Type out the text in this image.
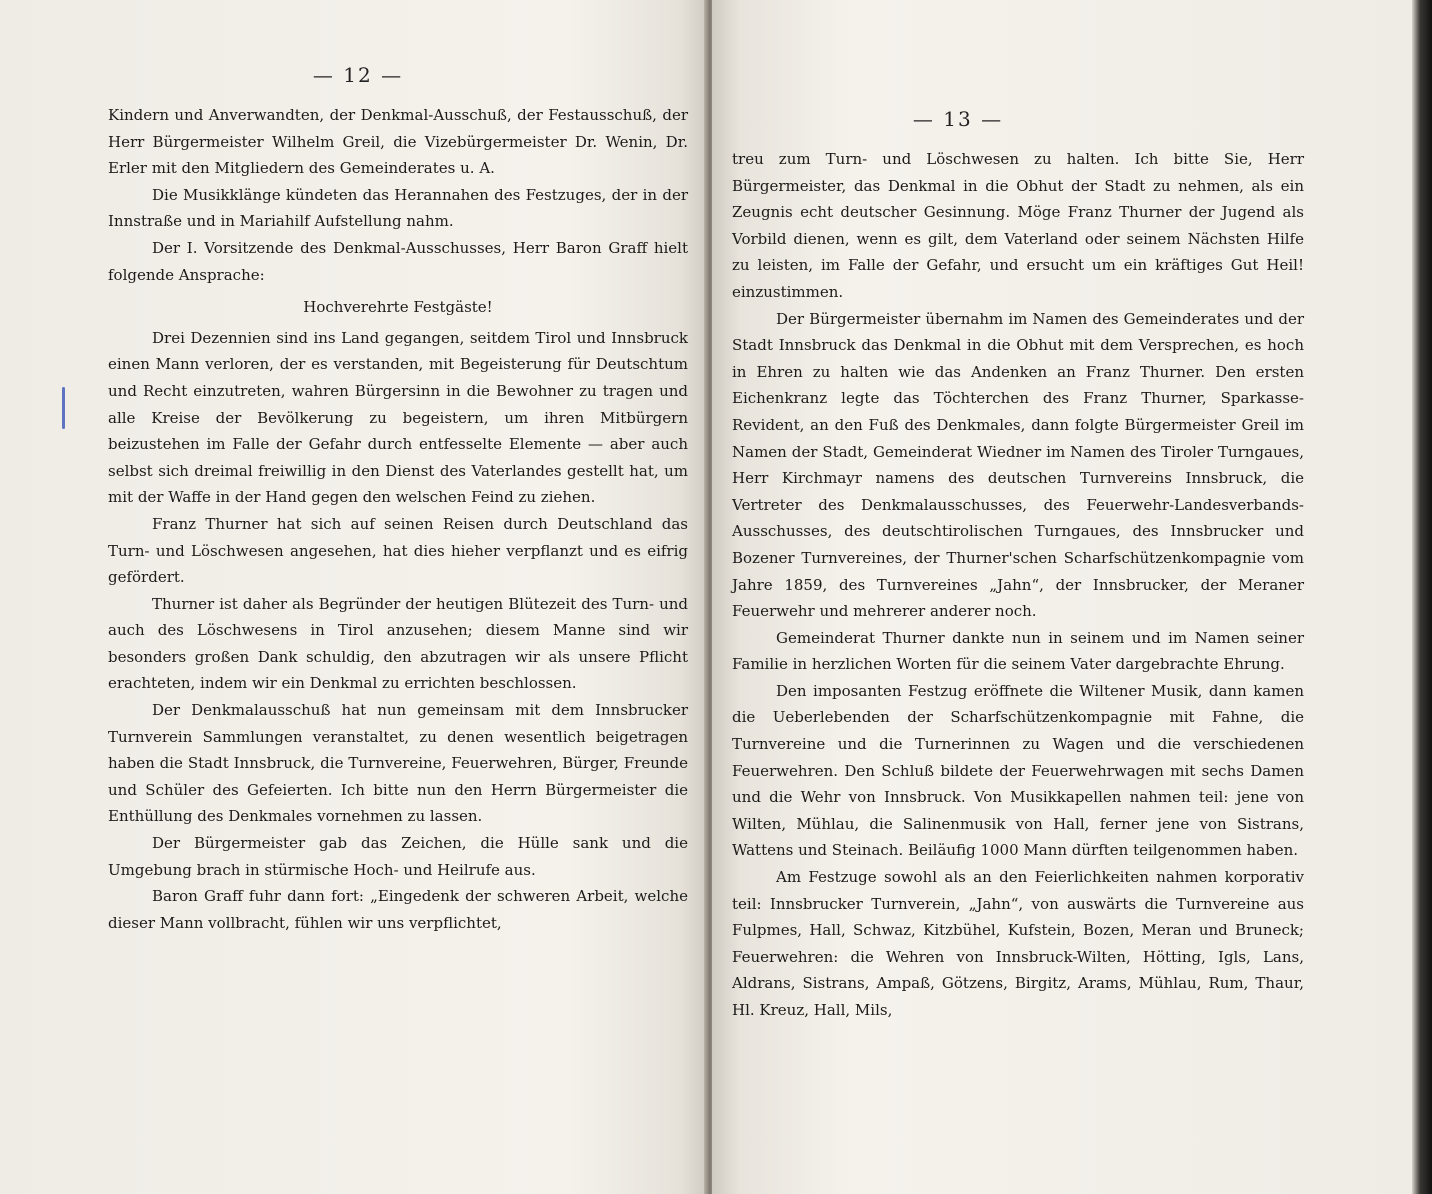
— 12 —

Kindern und Anverwandten, der Denkmal-Ausschuß, der Festausschuß, der Herr Bürgermeister Wilhelm Greil, die Vizebürgermeister Dr. Wenin, Dr. Erler mit den Mitgliedern des Gemeinderates u. A.

Die Musikklänge kündeten das Herannahen des Festzuges, der in der Innstraße und in Mariahilf Aufstellung nahm.

Der I. Vorsitzende des Denkmal-Ausschusses, Herr Baron Graff hielt folgende Ansprache:

Hochverehrte Festgäste!

Drei Dezennien sind ins Land gegangen, seitdem Tirol und Innsbruck einen Mann verloren, der es verstanden, mit Begeisterung für Deutschtum und Recht einzutreten, wahren Bürgersinn in die Bewohner zu tragen und alle Kreise der Bevölkerung zu begeistern, um ihren Mitbürgern beizustehen im Falle der Gefahr durch entfesselte Elemente — aber auch selbst sich dreimal freiwillig in den Dienst des Vaterlandes gestellt hat, um mit der Waffe in der Hand gegen den welschen Feind zu ziehen.

Franz Thurner hat sich auf seinen Reisen durch Deutschland das Turn- und Löschwesen angesehen, hat dies hieher verpflanzt und es eifrig gefördert.

Thurner ist daher als Begründer der heutigen Blütezeit des Turn- und auch des Löschwesens in Tirol anzusehen; diesem Manne sind wir besonders großen Dank schuldig, den abzutragen wir als unsere Pflicht erachteten, indem wir ein Denkmal zu errichten beschlossen.

Der Denkmalausschuß hat nun gemeinsam mit dem Innsbrucker Turnverein Sammlungen veranstaltet, zu denen wesentlich beigetragen haben die Stadt Innsbruck, die Turnvereine, Feuerwehren, Bürger, Freunde und Schüler des Gefeierten. Ich bitte nun den Herrn Bürgermeister die Enthüllung des Denkmales vornehmen zu lassen.

Der Bürgermeister gab das Zeichen, die Hülle sank und die Umgebung brach in stürmische Hoch- und Heilrufe aus.

Baron Graff fuhr dann fort: „Eingedenk der schweren Arbeit, welche dieser Mann vollbracht, fühlen wir uns verpflichtet,

— 13 —

treu zum Turn- und Löschwesen zu halten. Ich bitte Sie, Herr Bürgermeister, das Denkmal in die Obhut der Stadt zu nehmen, als ein Zeugnis echt deutscher Gesinnung. Möge Franz Thurner der Jugend als Vorbild dienen, wenn es gilt, dem Vaterland oder seinem Nächsten Hilfe zu leisten, im Falle der Gefahr, und ersucht um ein kräftiges Gut Heil! einzustimmen.

Der Bürgermeister übernahm im Namen des Gemeinderates und der Stadt Innsbruck das Denkmal in die Obhut mit dem Versprechen, es hoch in Ehren zu halten wie das Andenken an Franz Thurner. Den ersten Eichenkranz legte das Töchterchen des Franz Thurner, Sparkasse-Revident, an den Fuß des Denkmales, dann folgte Bürgermeister Greil im Namen der Stadt, Gemeinderat Wiedner im Namen des Tiroler Turngaues, Herr Kirchmayr namens des deutschen Turnvereins Innsbruck, die Vertreter des Denkmalausschusses, des Feuerwehr-Landesverbands-Ausschusses, des deutschtirolischen Turngaues, des Innsbrucker und Bozener Turnvereines, der Thurner'schen Scharfschützenkompagnie vom Jahre 1859, des Turnvereines „Jahn“, der Innsbrucker, der Meraner Feuerwehr und mehrerer anderer noch.

Gemeinderat Thurner dankte nun in seinem und im Namen seiner Familie in herzlichen Worten für die seinem Vater dargebrachte Ehrung.

Den imposanten Festzug eröffnete die Wiltener Musik, dann kamen die Ueberlebenden der Scharfschützenkompagnie mit Fahne, die Turnvereine und die Turnerinnen zu Wagen und die verschiedenen Feuerwehren. Den Schluß bildete der Feuerwehrwagen mit sechs Damen und die Wehr von Innsbruck. Von Musikkapellen nahmen teil: jene von Wilten, Mühlau, die Salinenmusik von Hall, ferner jene von Sistrans, Wattens und Steinach. Beiläufig 1000 Mann dürften teilgenommen haben.

Am Festzuge sowohl als an den Feierlichkeiten nahmen korporativ teil: Innsbrucker Turnverein, „Jahn“, von auswärts die Turnvereine aus Fulpmes, Hall, Schwaz, Kitzbühel, Kufstein, Bozen, Meran und Bruneck; Feuerwehren: die Wehren von Innsbruck-Wilten, Hötting, Igls, Lans, Aldrans, Sistrans, Ampaß, Götzens, Birgitz, Arams, Mühlau, Rum, Thaur, Hl. Kreuz, Hall, Mils,
